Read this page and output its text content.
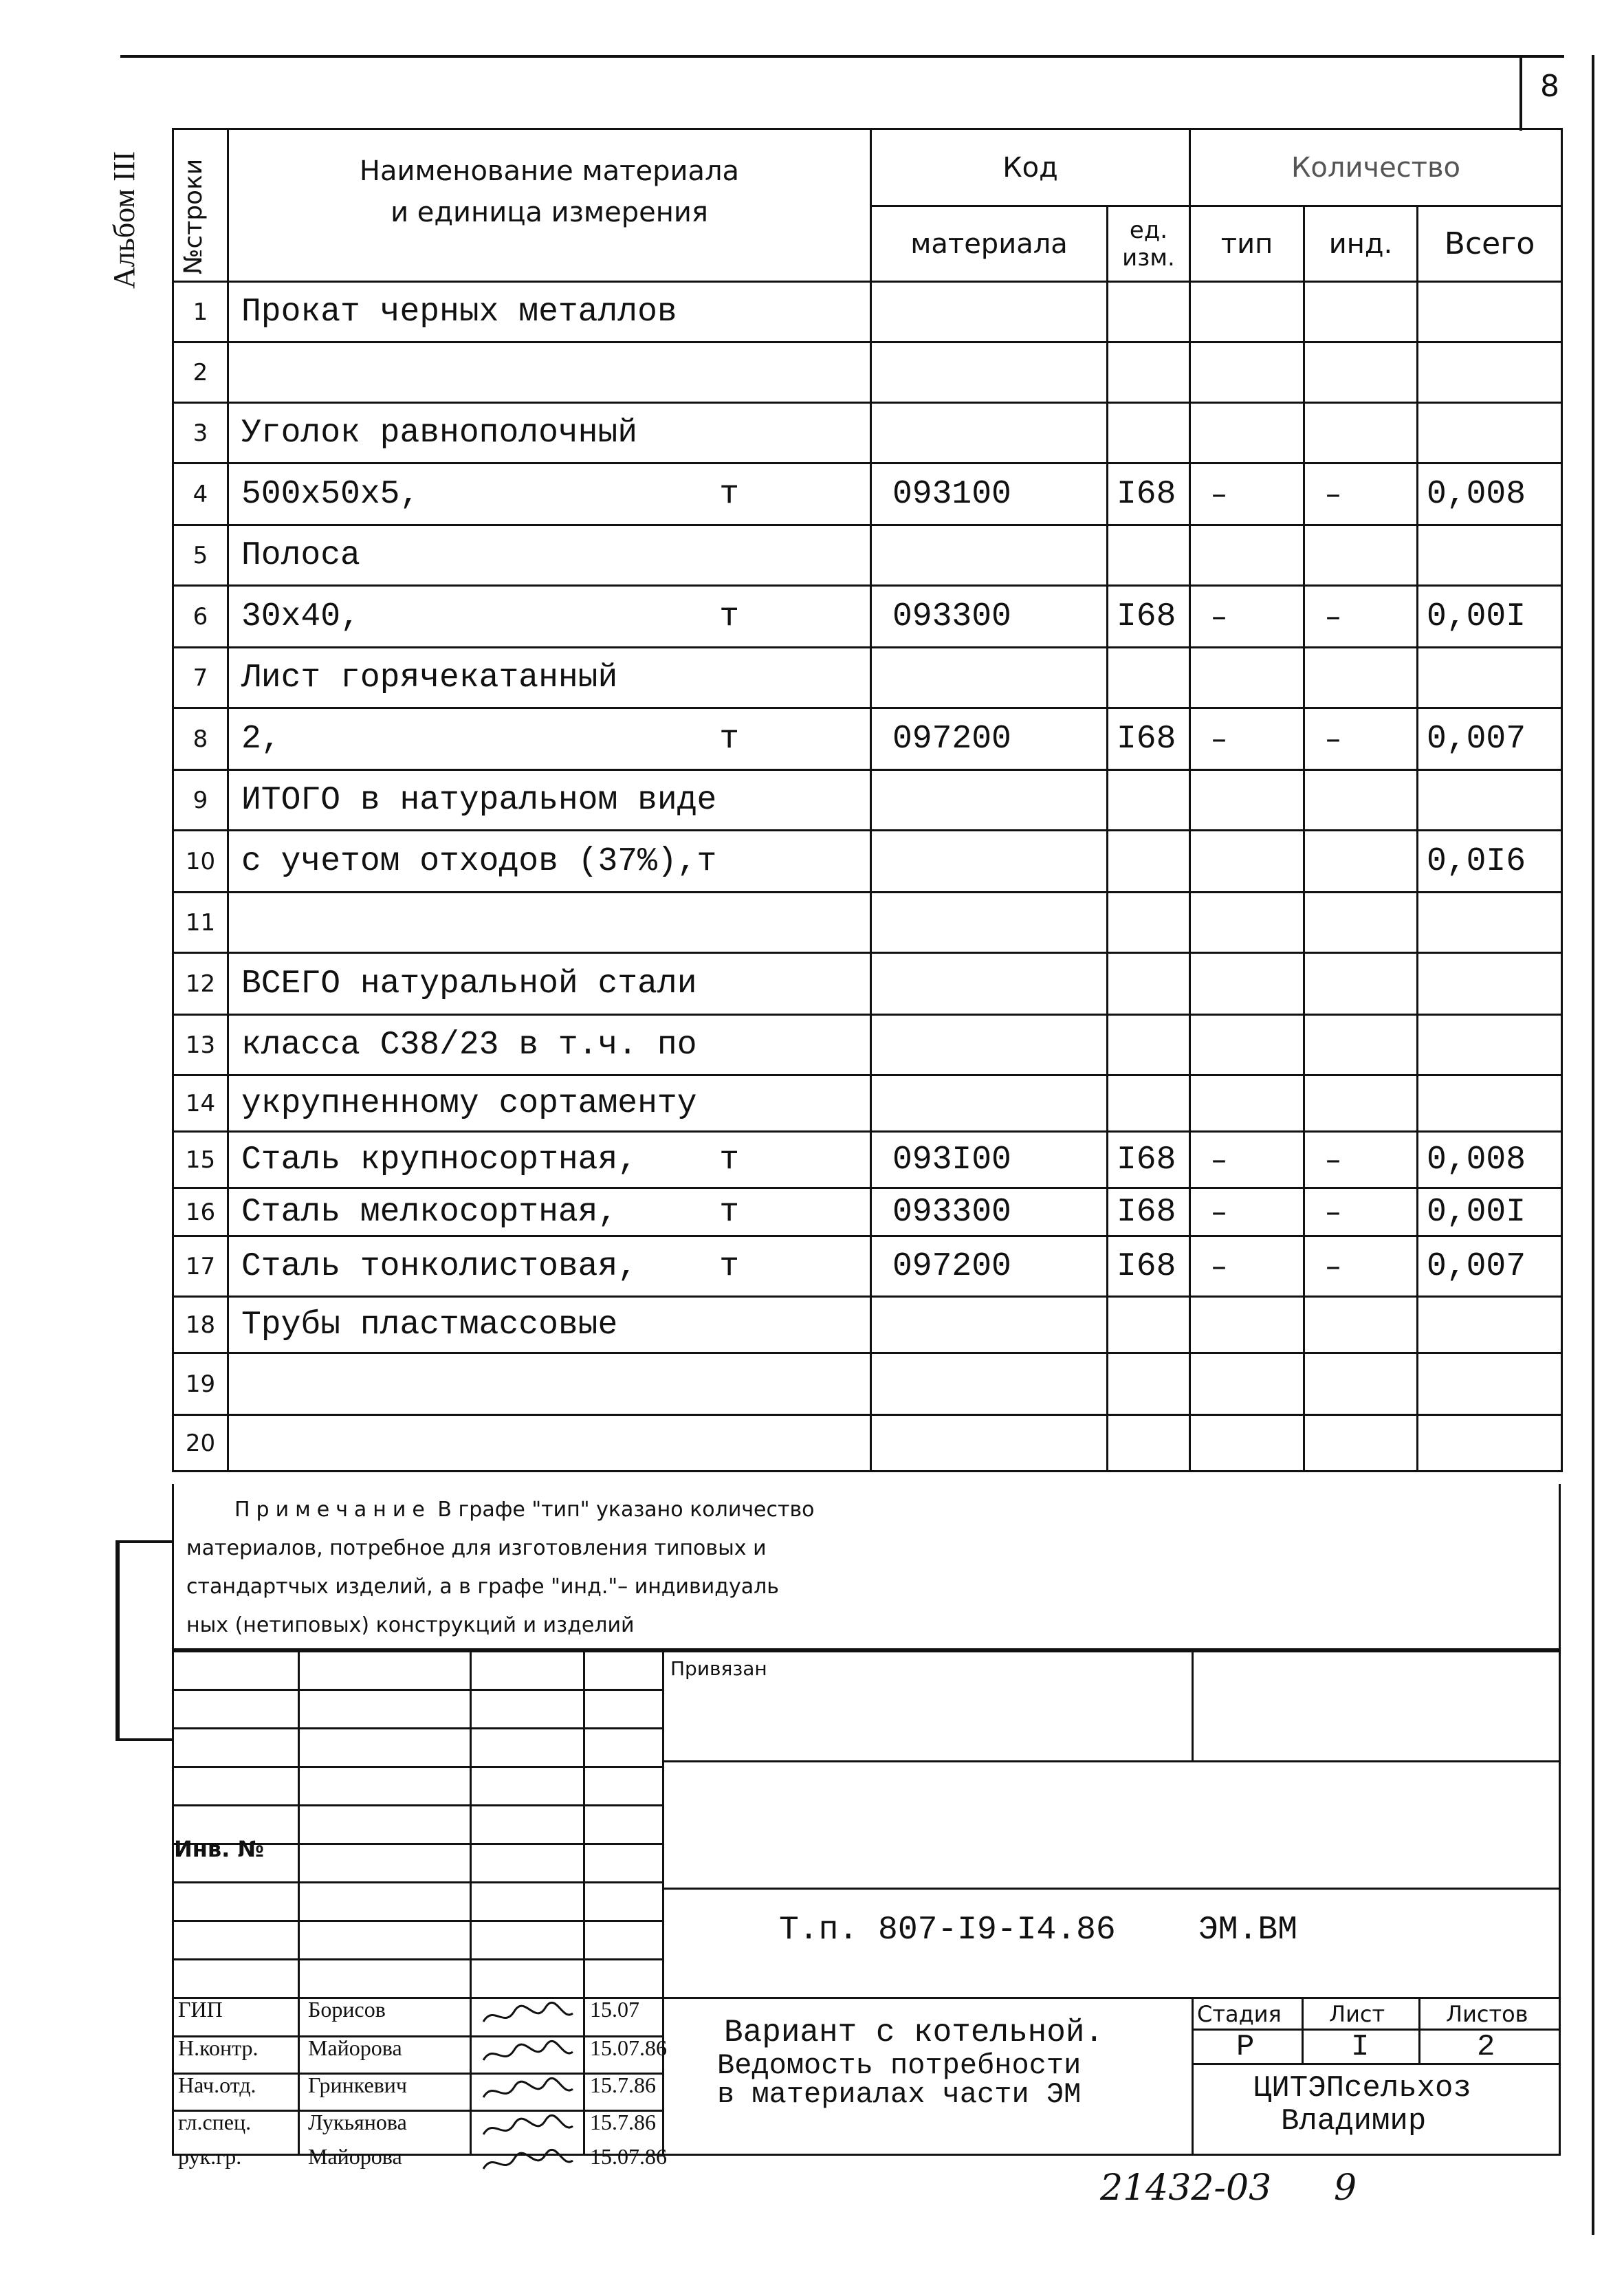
8
Альбом III №строки	Наименование материала
и единица измерения	Код		Количество		
		материала	ед. изм.	тип	инд.	Всего
1	Прокат черных металлов

2	

3	Уголок равнополочный

4	500x50x5, т	093100	I68	–	–	0,008
5	Полоса

6	30x40, т	093300	I68	–	–	0,00I
7	Лист горячекатанный

8	2, т	097200	I68	–	–	0,007
9	ИТОГО в натуральном виде

10	с учетом отходов (37%),т					0,0I6
11	

12	ВСЕГО натуральной стали

13	класса С38/23 в т.ч. по

14	укрупненному сортаменту

15	Сталь крупносортная, т	093I00	I68	–	–	0,008
16	Сталь мелкосортная, т	093300	I68	–	–	0,00I
17	Сталь тонколистовая, т	097200	I68	–	–	0,007
18	Трубы пластмассовые

19	

20	

Примечание В графе "тип" указано количество
материалов, потребное для изготовления типовых и
стандартчых изделий, а в графе "инд."– индивидуаль
ных (нетиповых) конструкций и изделий
Инв. №
Привязан
Т.п. 807-I9-I4.86	ЭМ.ВМ
Стадия Лист	Листов
Р	I	2
ЦИТЭПсельхоз
Владимир
Вариант с котельной.
Ведомость потребности
в материалах части ЭМ
ГИП	Борисов	15.07
Н.контр. Майорова	15.07.86
Нач.отд. Гринкевич	15.7.86
гл.спец.	Лукьянова	15.7.86
рук.гр.	Майорова	15.07.86
21432-03 9
